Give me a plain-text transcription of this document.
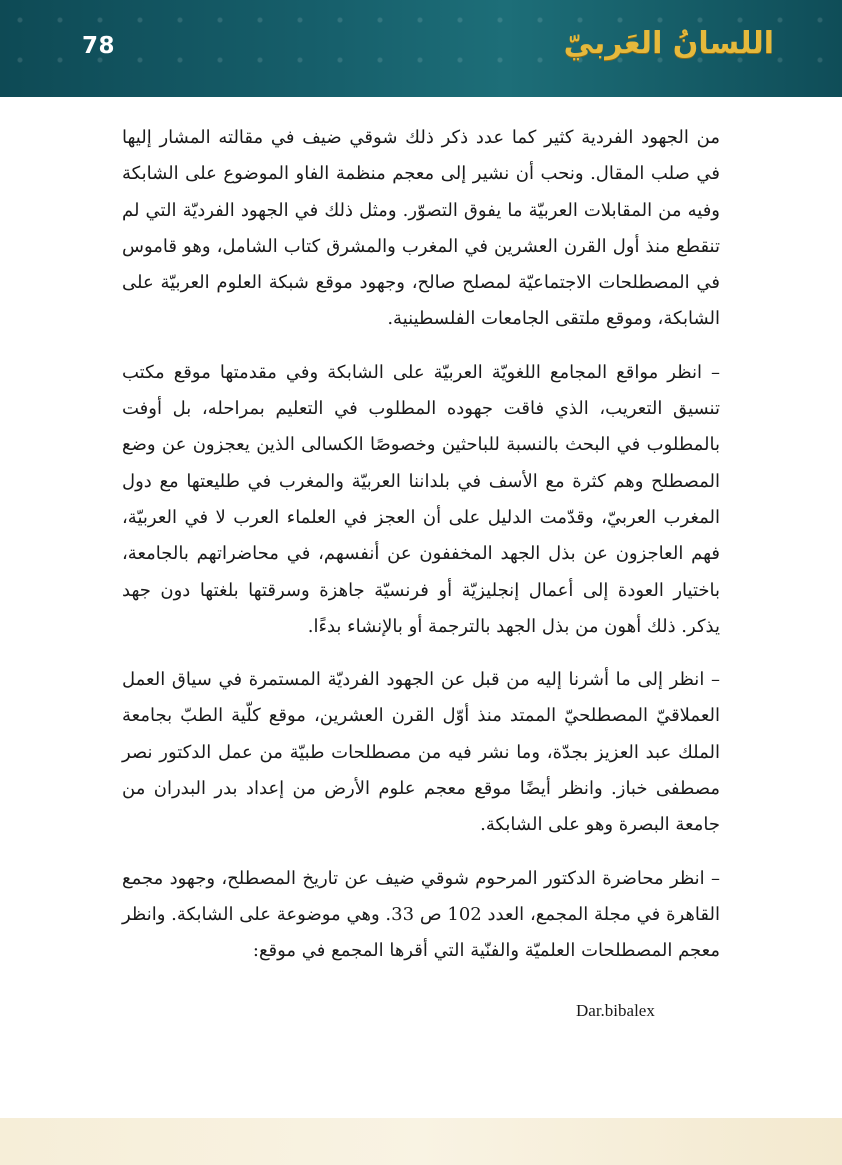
78	اللسانُ العَربيّ

من الجهود الفردية كثير كما عدد ذكر ذلك شوقي ضيف في مقالته المشار إليها في صلب المقال. ونحب أن نشير إلى معجم منظمة الفاو الموضوع على الشابكة وفيه من المقابلات العربيّة ما يفوق التصوّر. ومثل ذلك في الجهود الفرديّة التي لم تنقطع منذ أول القرن العشرين في المغرب والمشرق كتاب الشامل، وهو قاموس في المصطلحات الاجتماعيّة لمصلح صالح، وجهود موقع شبكة العلوم العربيّة على الشابكة، وموقع ملتقى الجامعات الفلسطينية.

– انظر مواقع المجامع اللغويّة العربيّة على الشابكة وفي مقدمتها موقع مكتب تنسيق التعريب، الذي فاقت جهوده المطلوب في التعليم بمراحله، بل أوفت بالمطلوب في البحث بالنسبة للباحثين وخصوصًا الكسالى الذين يعجزون عن وضع المصطلح وهم كثرة مع الأسف في بلداننا العربيّة والمغرب في طليعتها مع دول المغرب العربيّ، وقدّمت الدليل على أن العجز في العلماء العرب لا في العربيّة، فهم العاجزون عن بذل الجهد المخففون عن أنفسهم، في محاضراتهم بالجامعة، باختيار العودة إلى أعمال إنجليزيّة أو فرنسيّة جاهزة وسرقتها بلغتها دون جهد يذكر. ذلك أهون من بذل الجهد بالترجمة أو بالإنشاء بدءًا.

– انظر إلى ما أشرنا إليه من قبل عن الجهود الفرديّة المستمرة في سياق العمل العملاقيّ المصطلحيّ الممتد منذ أوّل القرن العشرين، موقع كلّية الطبّ بجامعة الملك عبد العزيز بجدّة، وما نشر فيه من مصطلحات طبيّة من عمل الدكتور نصر مصطفى خباز. وانظر أيضًا موقع معجم علوم الأرض من إعداد بدر البدران من جامعة البصرة وهو على الشابكة.

– انظر محاضرة الدكتور المرحوم شوقي ضيف عن تاريخ المصطلح، وجهود مجمع القاهرة في مجلة المجمع، العدد 102 ص 33. وهي موضوعة على الشابكة. وانظر معجم المصطلحات العلميّة والفنّية التي أقرها المجمع في موقع:

Dar.bibalex
